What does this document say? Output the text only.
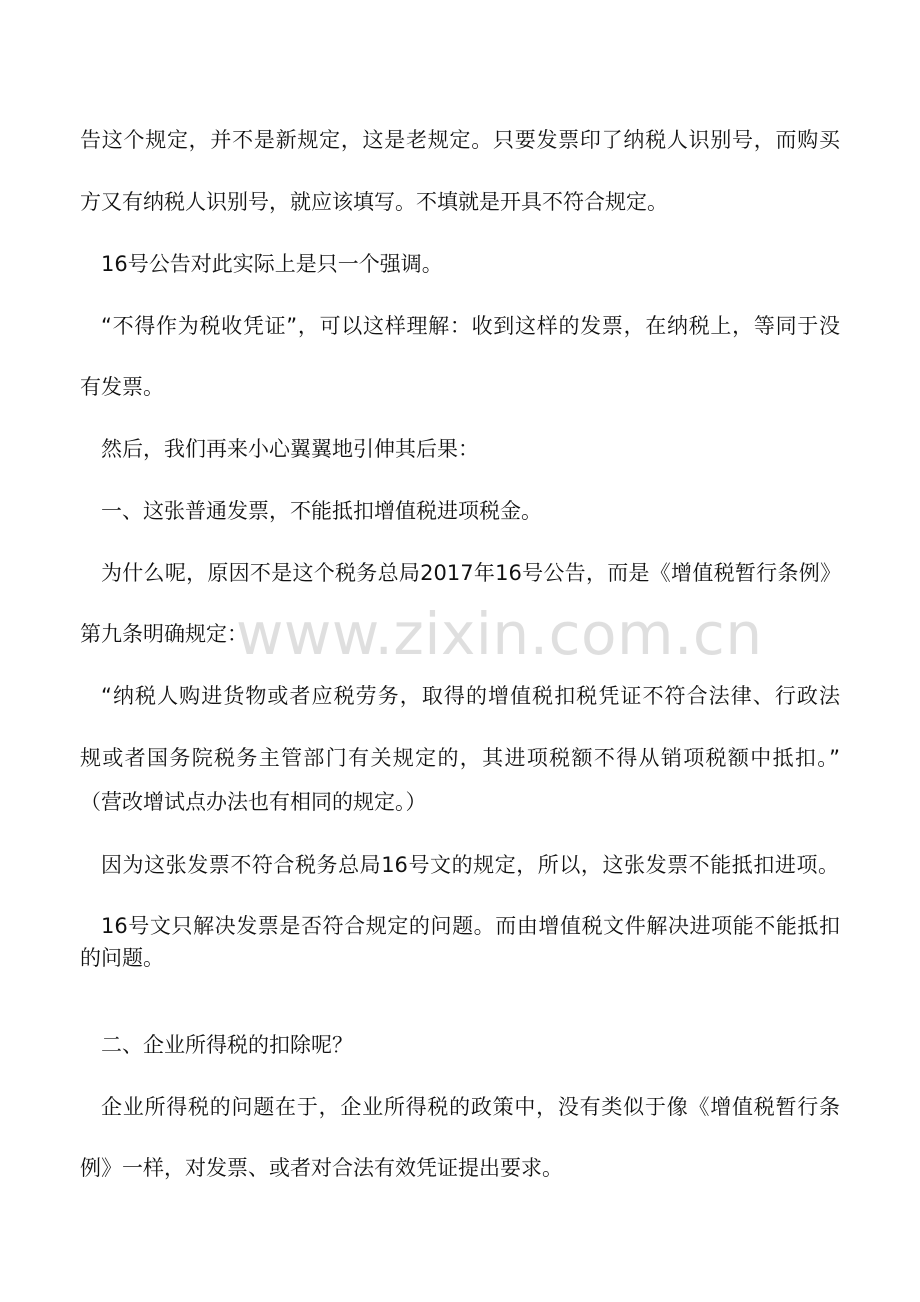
告这个规定，并不是新规定，这是老规定。只要发票印了纳税人识别号，而购买

方又有纳税人识别号，就应该填写。不填就是开具不符合规定。

16号公告对此实际上是只一个强调。

“不得作为税收凭证”，可以这样理解：收到这样的发票，在纳税上，等同于没

有发票。

然后，我们再来小心翼翼地引伸其后果：

一、这张普通发票，不能抵扣增值税进项税金。

为什么呢，原因不是这个税务总局2017年16号公告，而是《增值税暂行条例》

第九条明确规定：

“纳税人购进货物或者应税劳务，取得的增值税扣税凭证不符合法律、行政法

规或者国务院税务主管部门有关规定的，其进项税额不得从销项税额中抵扣。”

（营改增试点办法也有相同的规定。）

因为这张发票不符合税务总局16号文的规定，所以，这张发票不能抵扣进项。

16号文只解决发票是否符合规定的问题。而由增值税文件解决进项能不能抵扣

的问题。

二、企业所得税的扣除呢？

企业所得税的问题在于，企业所得税的政策中，没有类似于像《增值税暂行条

例》一样，对发票、或者对合法有效凭证提出要求。

www.zixin.com.cn
